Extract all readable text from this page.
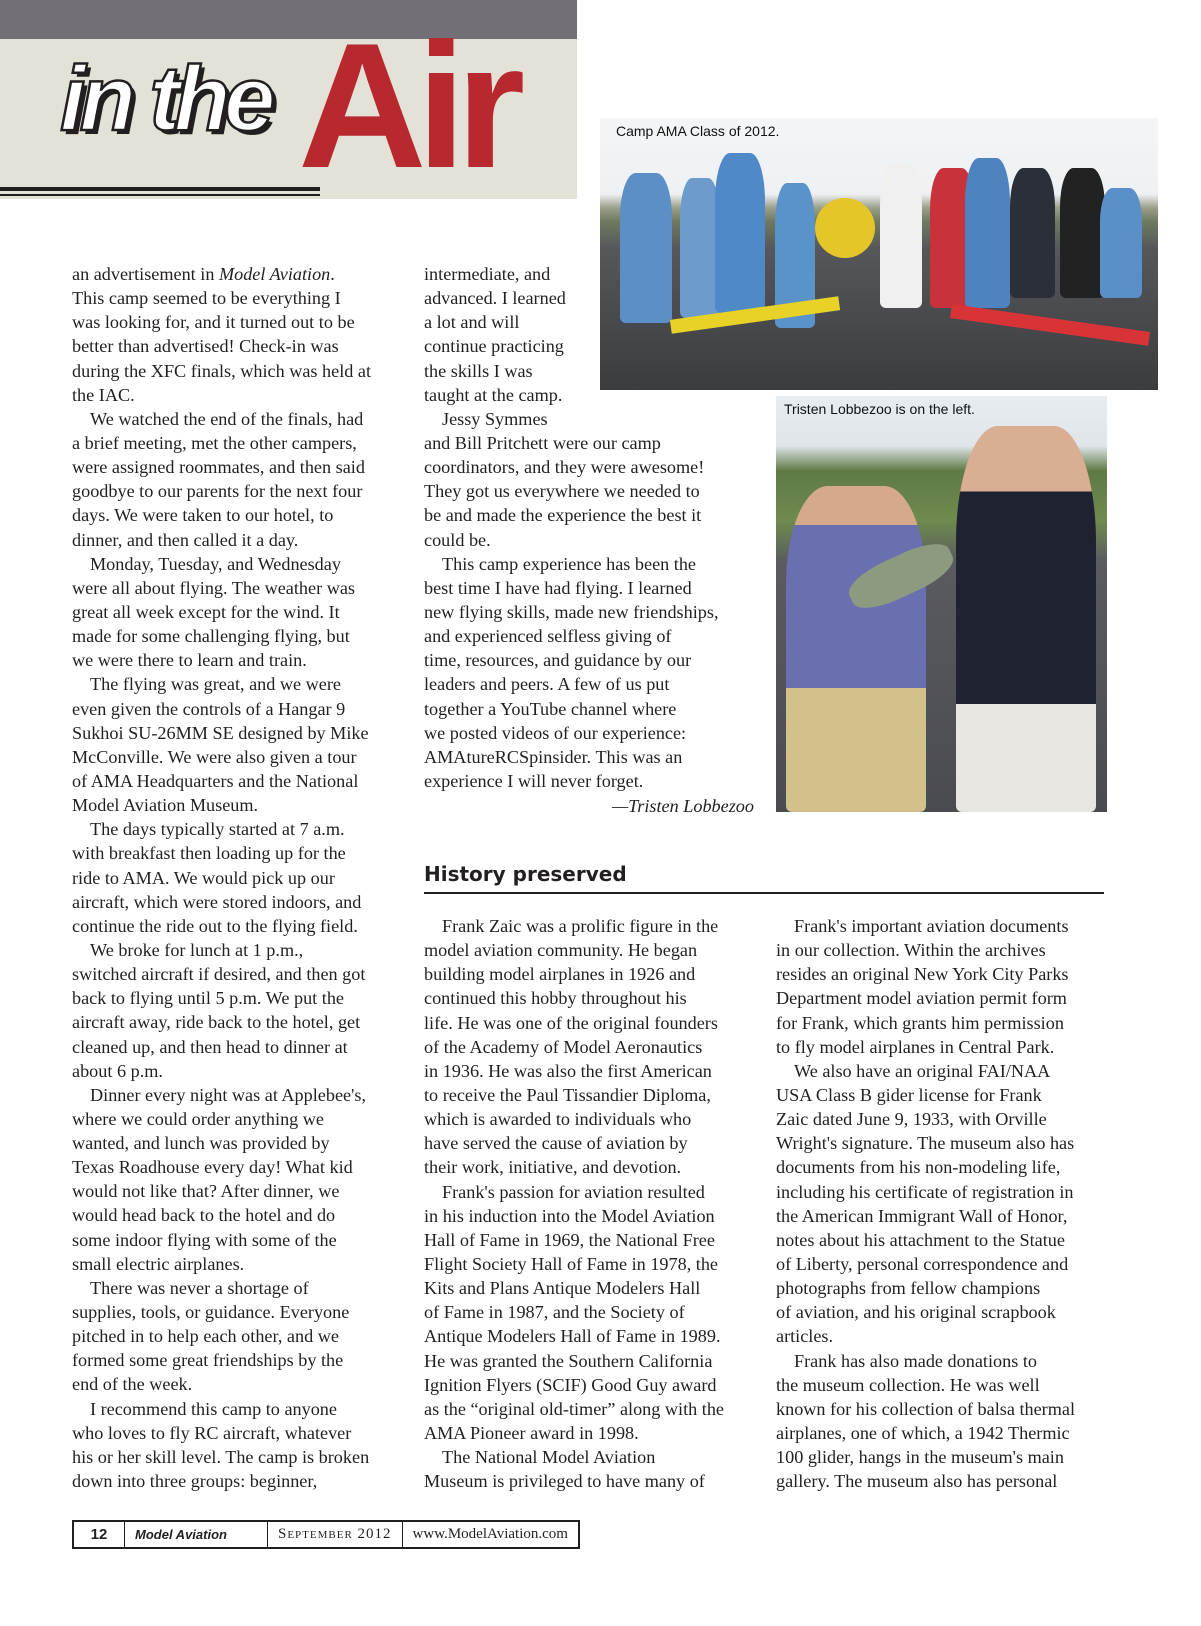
in the Air	Camp AMA Class of 2012.
Tristen Lobbezoo is on the left.
an advertisement in Model Aviation.
This camp seemed to be everything I
was looking for, and it turned out to be
better than advertised! Check-in was
during the XFC finals, which was held at
the IAC.
We watched the end of the finals, had
a brief meeting, met the other campers,
were assigned roommates, and then said
goodbye to our parents for the next four
days. We were taken to our hotel, to
dinner, and then called it a day.
Monday, Tuesday, and Wednesday
were all about flying. The weather was
great all week except for the wind. It
made for some challenging flying, but
we were there to learn and train.
The flying was great, and we were
even given the controls of a Hangar 9
Sukhoi SU-26MM SE designed by Mike
McConville. We were also given a tour
of AMA Headquarters and the National
Model Aviation Museum.
The days typically started at 7 a.m.
with breakfast then loading up for the
ride to AMA. We would pick up our
aircraft, which were stored indoors, and
continue the ride out to the flying field.
We broke for lunch at 1 p.m.,
switched aircraft if desired, and then got
back to flying until 5 p.m. We put the
aircraft away, ride back to the hotel, get
cleaned up, and then head to dinner at
about 6 p.m.
Dinner every night was at Applebee's,
where we could order anything we
wanted, and lunch was provided by
Texas Roadhouse every day! What kid
would not like that? After dinner, we
would head back to the hotel and do
some indoor flying with some of the
small electric airplanes.
There was never a shortage of
supplies, tools, or guidance. Everyone
pitched in to help each other, and we
formed some great friendships by the
end of the week.
I recommend this camp to anyone
who loves to fly RC aircraft, whatever
his or her skill level. The camp is broken
down into three groups: beginner,
intermediate, and
advanced. I learned
a lot and will
continue practicing
the skills I was
taught at the camp.
Jessy Symmes
and Bill Pritchett were our camp
coordinators, and they were awesome!
They got us everywhere we needed to
be and made the experience the best it
could be.
This camp experience has been the
best time I have had flying. I learned
new flying skills, made new friendships,
and experienced selfless giving of
time, resources, and guidance by our
leaders and peers. A few of us put
together a YouTube channel where
we posted videos of our experience:
AMAtureRCSpinsider. This was an
experience I will never forget.
—Tristen Lobbezoo
History preserved
Frank Zaic was a prolific figure in the
model aviation community. He began
building model airplanes in 1926 and
continued this hobby throughout his
life. He was one of the original founders
of the Academy of Model Aeronautics
in 1936. He was also the first American
to receive the Paul Tissandier Diploma,
which is awarded to individuals who
have served the cause of aviation by
their work, initiative, and devotion.
Frank's passion for aviation resulted
in his induction into the Model Aviation
Hall of Fame in 1969, the National Free
Flight Society Hall of Fame in 1978, the
Kits and Plans Antique Modelers Hall
of Fame in 1987, and the Society of
Antique Modelers Hall of Fame in 1989.
He was granted the Southern California
Ignition Flyers (SCIF) Good Guy award
as the “original old-timer” along with the
AMA Pioneer award in 1998.
The National Model Aviation
Museum is privileged to have many of
Frank's important aviation documents
in our collection. Within the archives
resides an original New York City Parks
Department model aviation permit form
for Frank, which grants him permission
to fly model airplanes in Central Park.
We also have an original FAI/NAA
USA Class B gider license for Frank
Zaic dated June 9, 1933, with Orville
Wright's signature. The museum also has
documents from his non-modeling life,
including his certificate of registration in
the American Immigrant Wall of Honor,
notes about his attachment to the Statue
of Liberty, personal correspondence and
photographs from fellow champions
of aviation, and his original scrapbook
articles.
Frank has also made donations to
the museum collection. He was well
known for his collection of balsa thermal
airplanes, one of which, a 1942 Thermic
100 glider, hangs in the museum's main
gallery. The museum also has personal
12	Model Aviation	September 2012	www.ModelAviation.com
